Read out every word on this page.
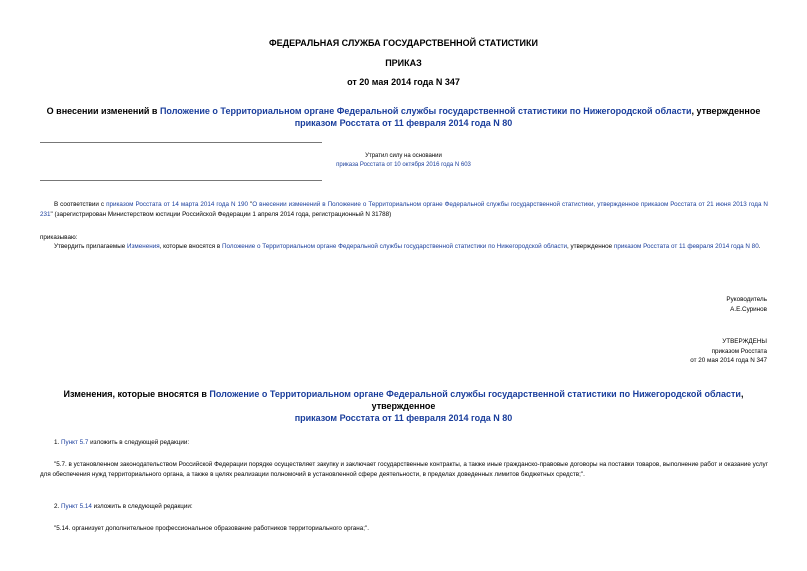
ФЕДЕРАЛЬНАЯ СЛУЖБА ГОСУДАРСТВЕННОЙ СТАТИСТИКИ
ПРИКАЗ
от 20 мая 2014 года N 347
О внесении изменений в Положение о Территориальном органе Федеральной службы государственной статистики по Нижегородской области, утвержденное
приказом Росстата от 11 февраля 2014 года N 80
Утратил силу на основании
приказа Росстата от 10 октября 2016 года N 603
В соответствии с приказом Росстата от 14 марта 2014 года N 190 "О внесении изменений в Положение о Территориальном органе Федеральной службы государственной статистики, утвержденное приказом Росстата от 21 июня 2013 года N 231" (зарегистрирован Министерством юстиции Российской Федерации 1 апреля 2014 года, регистрационный N 31788)
приказываю:
Утвердить прилагаемые Изменения, которые вносятся в Положение о Территориальном органе Федеральной службы государственной статистики по Нижегородской области, утвержденное приказом Росстата от 11 февраля 2014 года N 80.
Руководитель
А.Е.Суринов
УТВЕРЖДЕНЫ
приказом Росстата
от 20 мая 2014 года N 347
Изменения, которые вносятся в Положение о Территориальном органе Федеральной службы государственной статистики по Нижегородской области, утвержденное
приказом Росстата от 11 февраля 2014 года N 80
1. Пункт 5.7 изложить в следующей редакции:
"5.7. в установленном законодательством Российской Федерации порядке осуществляет закупку и заключает государственные контракты, а также иные гражданско-правовые договоры на поставки товаров, выполнение работ и оказание услуг для обеспечения нужд территориального органа, а также в целях реализации полномочий в установленной сфере деятельности, в пределах доведенных лимитов бюджетных средств;".
2. Пункт 5.14 изложить в следующей редакции:
"5.14. организует дополнительное профессиональное образование работников территориального органа;".
